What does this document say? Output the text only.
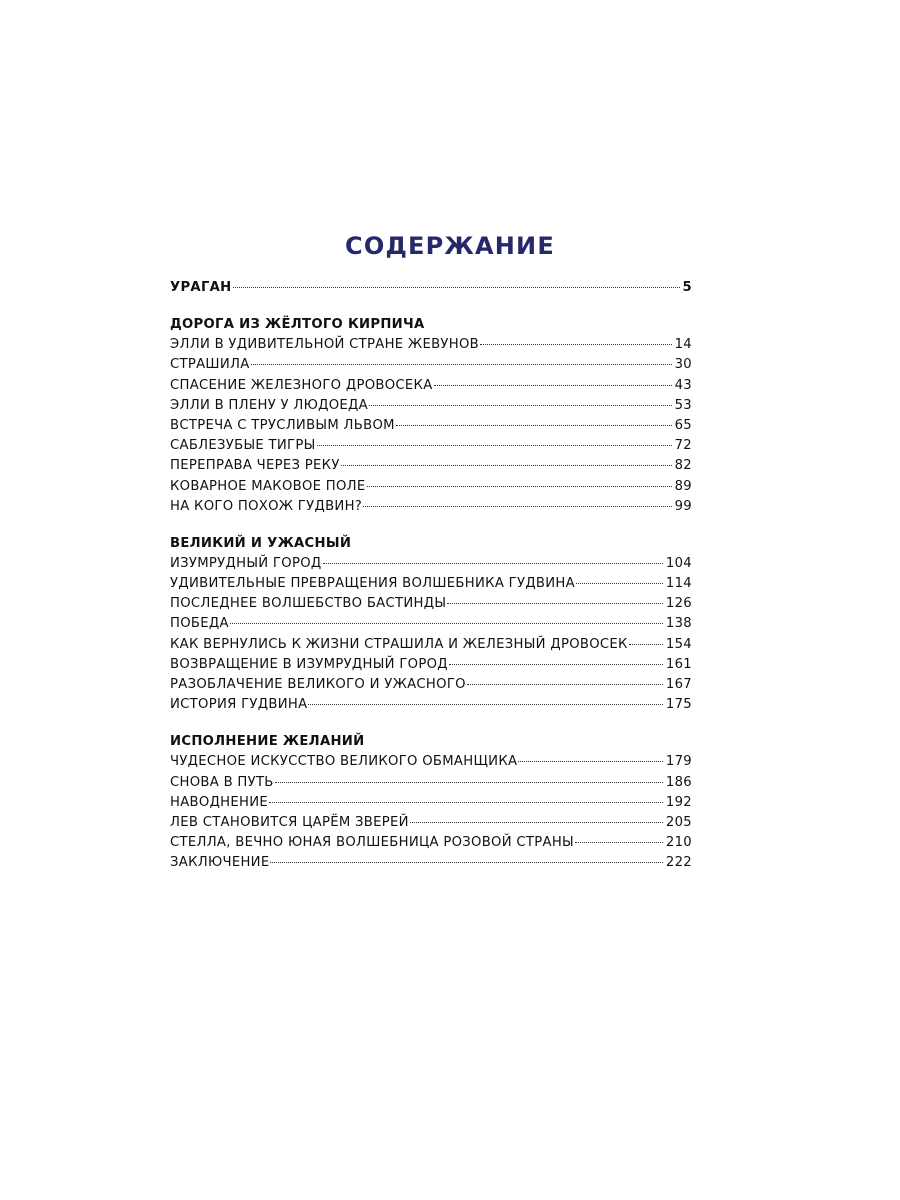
СОДЕРЖАНИЕ
УРАГАН	5
ДОРОГА ИЗ ЖЁЛТОГО КИРПИЧА
ЭЛЛИ В УДИВИТЕЛЬНОЙ СТРАНЕ ЖЕВУНОВ	14
СТРАШИЛА	30
СПАСЕНИЕ ЖЕЛЕЗНОГО ДРОВОСЕКА	43
ЭЛЛИ В ПЛЕНУ У ЛЮДОЕДА	53
ВСТРЕЧА С ТРУСЛИВЫМ ЛЬВОМ	65
САБЛЕЗУБЫЕ ТИГРЫ	72
ПЕРЕПРАВА ЧЕРЕЗ РЕКУ	82
КОВАРНОЕ МАКОВОЕ ПОЛЕ	89
НА КОГО ПОХОЖ ГУДВИН?	99
ВЕЛИКИЙ И УЖАСНЫЙ
ИЗУМРУДНЫЙ ГОРОД	104
УДИВИТЕЛЬНЫЕ ПРЕВРАЩЕНИЯ ВОЛШЕБНИКА ГУДВИНА	114
ПОСЛЕДНЕЕ ВОЛШЕБСТВО БАСТИНДЫ	126
ПОБЕДА	138
КАК ВЕРНУЛИСЬ К ЖИЗНИ СТРАШИЛА И ЖЕЛЕЗНЫЙ ДРОВОСЕК	154
ВОЗВРАЩЕНИЕ В ИЗУМРУДНЫЙ ГОРОД	161
РАЗОБЛАЧЕНИЕ ВЕЛИКОГО И УЖАСНОГО	167
ИСТОРИЯ ГУДВИНА	175
ИСПОЛНЕНИЕ ЖЕЛАНИЙ
ЧУДЕСНОЕ ИСКУССТВО ВЕЛИКОГО ОБМАНЩИКА	179
СНОВА В ПУТЬ	186
НАВОДНЕНИЕ	192
ЛЕВ СТАНОВИТСЯ ЦАРЁМ ЗВЕРЕЙ	205
СТЕЛЛА, ВЕЧНО ЮНАЯ ВОЛШЕБНИЦА РОЗОВОЙ СТРАНЫ	210
ЗАКЛЮЧЕНИЕ	222
